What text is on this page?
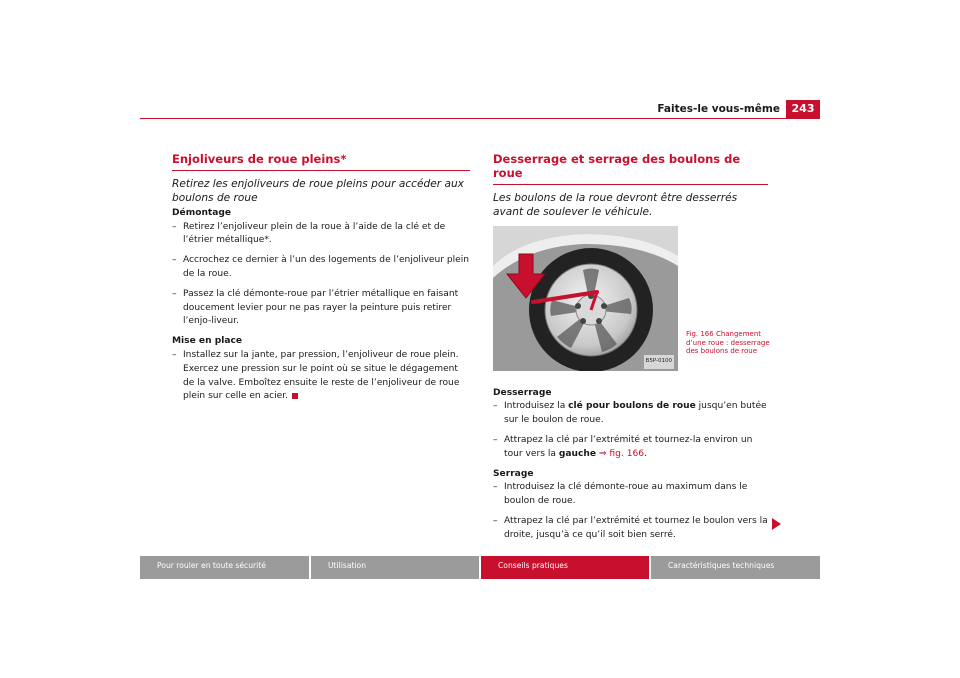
Faites-le vous-même	243
Enjoliveurs de roue pleins*

Retirez les enjoliveurs de roue pleins pour accéder aux boulons de roue

Démontage

– Retirez l’enjoliveur plein de la roue à l’aide de la clé et de l’étrier métallique*.
– Accrochez ce dernier à l’un des logements de l’enjoliveur plein de la roue.
– Passez la clé démonte-roue par l’étrier métallique en faisant doucement levier pour ne pas rayer la peinture puis retirer l’enjo-liveur.

Mise en place

– Installez sur la jante, par pression, l’enjoliveur de roue plein. Exercez une pression sur le point où se situe le dégagement de la valve. Emboîtez ensuite le reste de l’enjoliveur de roue plein sur celle en acier.
Desserrage et serrage des boulons de roue

Les boulons de la roue devront être desserrés avant de soulever le véhicule.

B5P-0100

Desserrage

– Introduisez la clé pour boulons de roue jusqu’en butée sur le boulon de roue.
– Attrapez la clé par l’extrémité et tournez-la environ un tour vers la gauche ⇒ fig. 166.

Serrage

– Introduisez la clé démonte-roue au maximum dans le boulon de roue.
– Attrapez la clé par l’extrémité et tournez le boulon vers la droite, jusqu’à ce qu’il soit bien serré.
Fig. 166 Changement d’une roue : desserrage des boulons de roue
Pour rouler en toute sécurité	Utilisation	Conseils pratiques	Caractéristiques techniques
